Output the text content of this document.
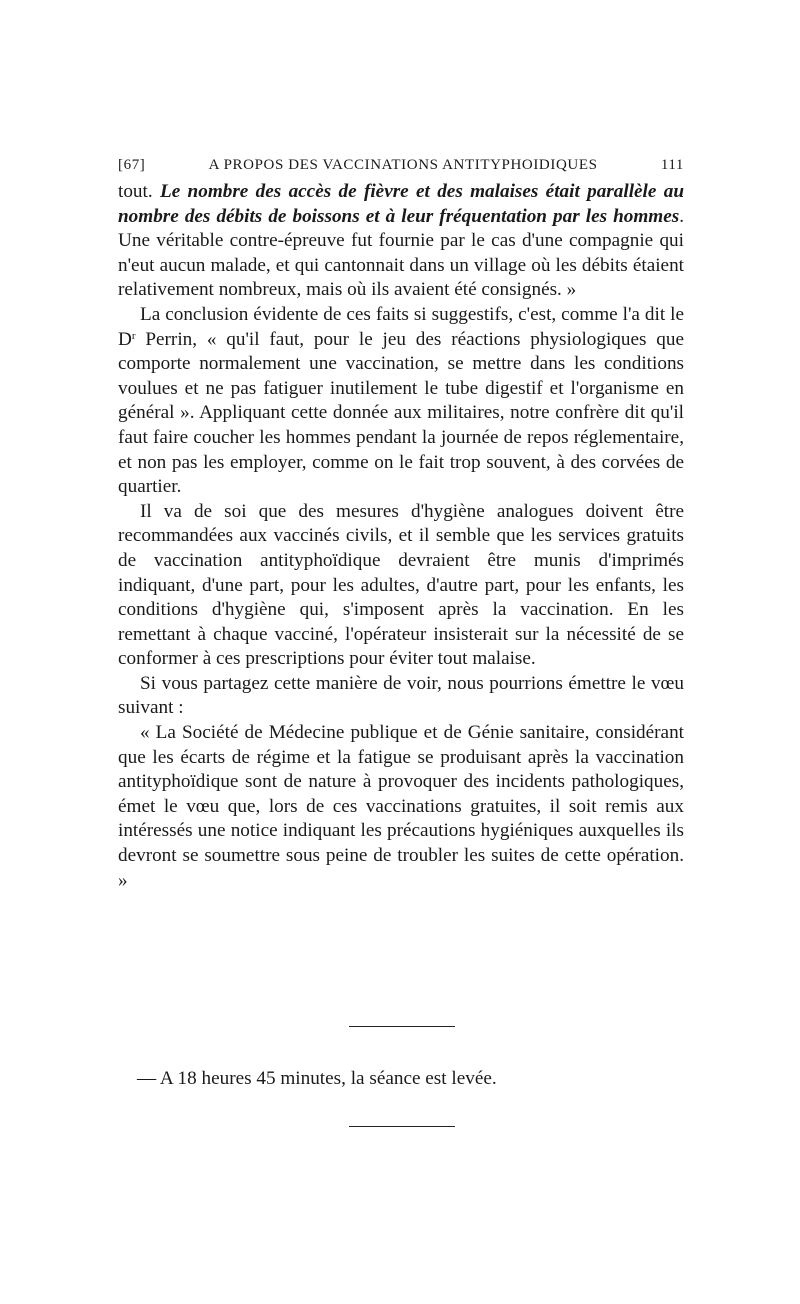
[67]	A PROPOS DES VACCINATIONS ANTITYPHOIDIQUES	111

tout. Le nombre des accès de fièvre et des malaises était parallèle au nombre des débits de boissons et à leur fréquentation par les hommes. Une véritable contre-épreuve fut fournie par le cas d'une compagnie qui n'eut aucun malade, et qui cantonnait dans un village où les débits étaient relativement nombreux, mais où ils avaient été consignés. »

La conclusion évidente de ces faits si suggestifs, c'est, comme l'a dit le $D^r$ Perrin, « qu'il faut, pour le jeu des réactions physiologiques que comporte normalement une vaccination, se mettre dans les conditions voulues et ne pas fatiguer inutilement le tube digestif et l'organisme en général ». Appliquant cette donnée aux militaires, notre confrère dit qu'il faut faire coucher les hommes pendant la journée de repos réglementaire, et non pas les employer, comme on le fait trop souvent, à des corvées de quartier.

Il va de soi que des mesures d'hygiène analogues doivent être recommandées aux vaccinés civils, et il semble que les services gratuits de vaccination antityphoïdique devraient être munis d'imprimés indiquant, d'une part, pour les adultes, d'autre part, pour les enfants, les conditions d'hygiène qui, s'imposent après la vaccination. En les remettant à chaque vacciné, l'opérateur insisterait sur la nécessité de se conformer à ces prescriptions pour éviter tout malaise.

Si vous partagez cette manière de voir, nous pourrions émettre le vœu suivant :

« La Société de Médecine publique et de Génie sanitaire, considérant que les écarts de régime et la fatigue se produisant après la vaccination antityphoïdique sont de nature à provoquer des incidents pathologiques, émet le vœu que, lors de ces vaccinations gratuites, il soit remis aux intéressés une notice indiquant les précautions hygiéniques auxquelles ils devront se soumettre sous peine de troubler les suites de cette opération. »

— A 18 heures 45 minutes, la séance est levée.
